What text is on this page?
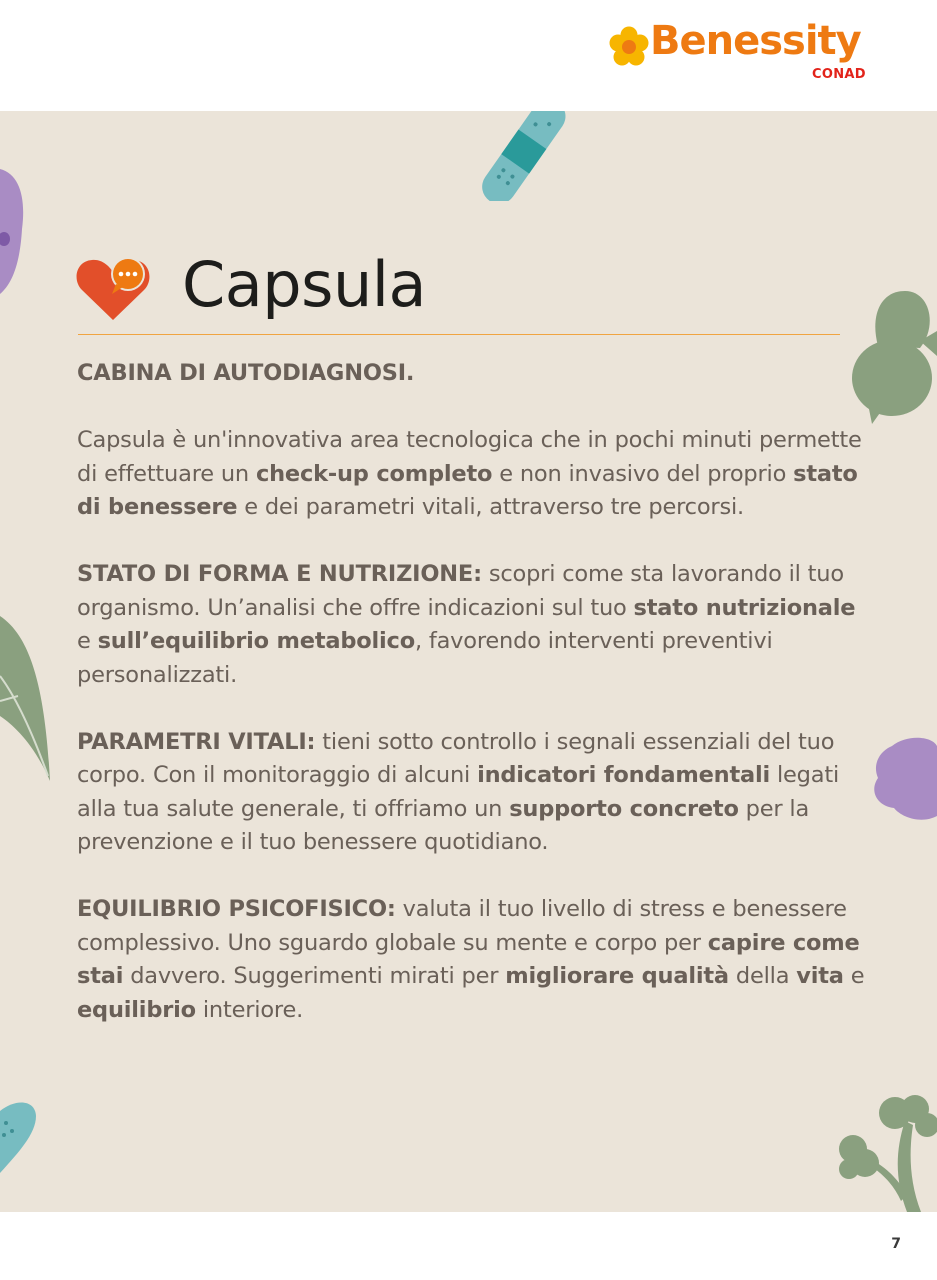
Benessity
CONAD
Capsula

CABINA DI AUTODIAGNOSI.

Capsula è un'innovativa area tecnologica che in pochi minuti permette di effettuare un check-up completo e non invasivo del proprio stato di benessere e dei parametri vitali, attraverso tre percorsi.

STATO DI FORMA E NUTRIZIONE: scopri come sta lavorando il tuo organismo. Un’analisi che offre indicazioni sul tuo stato nutrizionale e sull’equilibrio metabolico, favorendo interventi preventivi personalizzati.

PARAMETRI VITALI: tieni sotto controllo i segnali essenziali del tuo corpo. Con il monitoraggio di alcuni indicatori fondamentali legati alla tua salute generale, ti offriamo un supporto concreto per la prevenzione e il tuo benessere quotidiano.

EQUILIBRIO PSICOFISICO: valuta il tuo livello di stress e benessere complessivo. Uno sguardo globale su mente e corpo per capire come stai davvero. Suggerimenti mirati per migliorare qualità della vita e equilibrio interiore.

7
